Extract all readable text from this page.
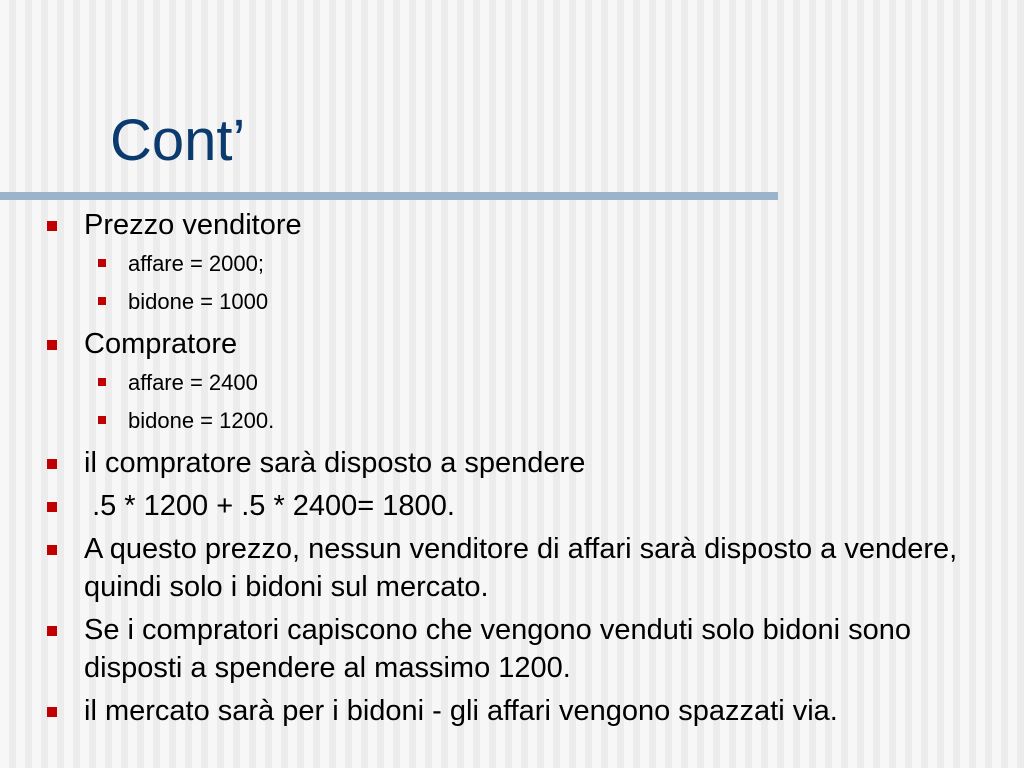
Cont’
Prezzo venditore
affare = 2000;
bidone = 1000
Compratore
affare = 2400
bidone = 1200.
il compratore sarà disposto a spendere
.5 * 1200 + .5 * 2400= 1800.
A questo prezzo, nessun venditore di affari sarà disposto a vendere, quindi solo i bidoni sul mercato.
Se i compratori capiscono che vengono venduti solo bidoni sono disposti a spendere al massimo 1200.
il mercato sarà per i bidoni - gli affari vengono spazzati via.
